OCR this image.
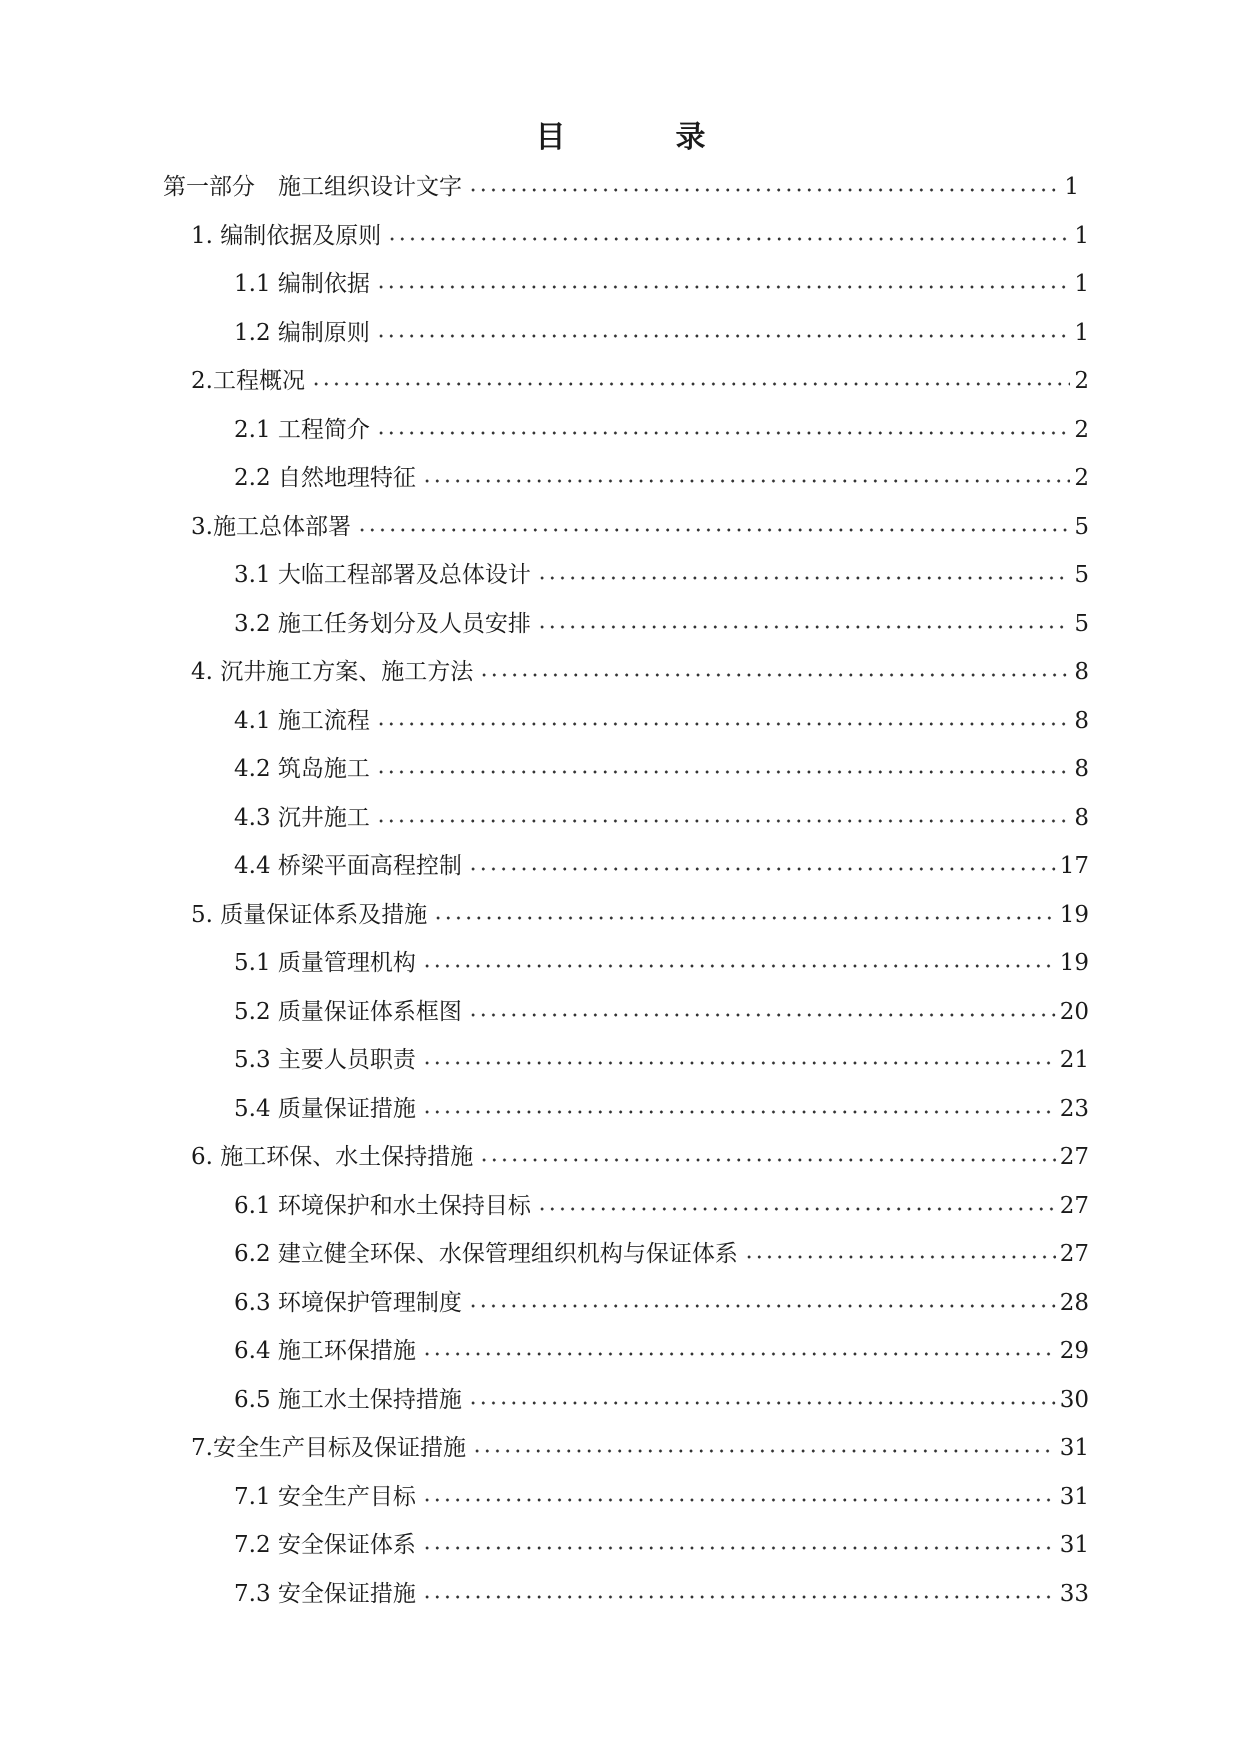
目　录
第一部分　施工组织设计文字	1
1. 编制依据及原则	1
1.1 编制依据	1
1.2 编制原则	1
2.工程概况	2
2.1 工程简介	2
2.2 自然地理特征	2
3.施工总体部署	5
3.1 大临工程部署及总体设计	5
3.2 施工任务划分及人员安排	5
4. 沉井施工方案、施工方法	8
4.1 施工流程	8
4.2 筑岛施工	8
4.3 沉井施工	8
4.4 桥梁平面高程控制	17
5. 质量保证体系及措施	19
5.1 质量管理机构	19
5.2 质量保证体系框图	20
5.3 主要人员职责	21
5.4 质量保证措施	23
6. 施工环保、水土保持措施	27
6.1 环境保护和水土保持目标	27
6.2 建立健全环保、水保管理组织机构与保证体系	27
6.3 环境保护管理制度	28
6.4 施工环保措施	29
6.5 施工水土保持措施	30
7.安全生产目标及保证措施	31
7.1 安全生产目标	31
7.2 安全保证体系	31
7.3 安全保证措施	33
